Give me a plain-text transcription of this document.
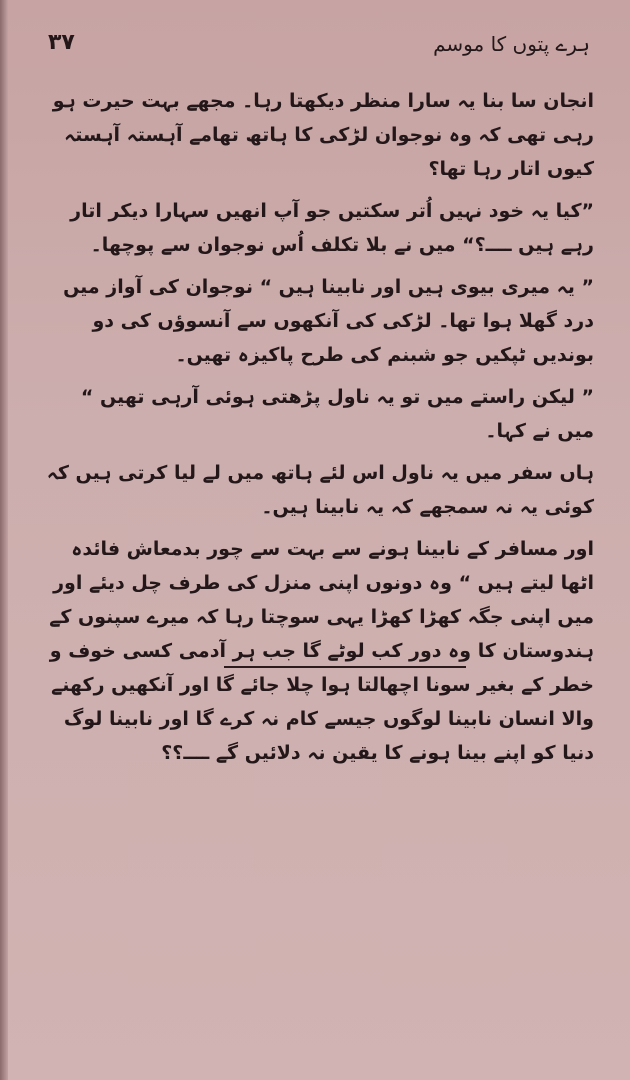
۳۷	ہرے پتوں کا موسم

انجان سا بنا یہ سارا منظر دیکھتا رہا۔ مجھے بہت حیرت ہو رہی تھی کہ وہ نوجوان لڑکی کا ہاتھ تھامے آہستہ آہستہ کیوں اتار رہا تھا؟

”کیا یہ خود نہیں اُتر سکتیں جو آپ انھیں سہارا دیکر اتار رہے ہیں ــــ؟“ میں نے بلا تکلف اُس نوجوان سے پوچھا۔

” یہ میری بیوی ہیں اور نابینا ہیں “ نوجوان کی آواز میں درد گھلا ہوا تھا۔ لڑکی کی آنکھوں سے آنسوؤں کی دو بوندیں ٹپکیں جو شبنم کی طرح پاکیزہ تھیں۔

” لیکن راستے میں تو یہ ناول پڑھتی ہوئی آرہی تھیں “ میں نے کہا۔

ہاں سفر میں یہ ناول اس لئے ہاتھ میں لے لیا کرتی ہیں کہ کوئی یہ نہ سمجھے کہ یہ نابینا ہیں۔

اور مسافر کے نابینا ہونے سے بہت سے چور بدمعاش فائدہ اٹھا لیتے ہیں “ وہ دونوں اپنی منزل کی طرف چل دیئے اور میں اپنی جگہ کھڑا کھڑا یہی سوچتا رہا کہ میرے سپنوں کے ہندوستان کا وہ دور کب لوٹے گا جب ہر آدمی کسی خوف و خطر کے بغیر سونا اچھالتا ہوا چلا جائے گا اور آنکھیں رکھنے والا انسان نابینا لوگوں جیسے کام نہ کرے گا اور نابینا لوگ دنیا کو اپنے بینا ہونے کا یقین نہ دلائیں گے ــــ؟؟
